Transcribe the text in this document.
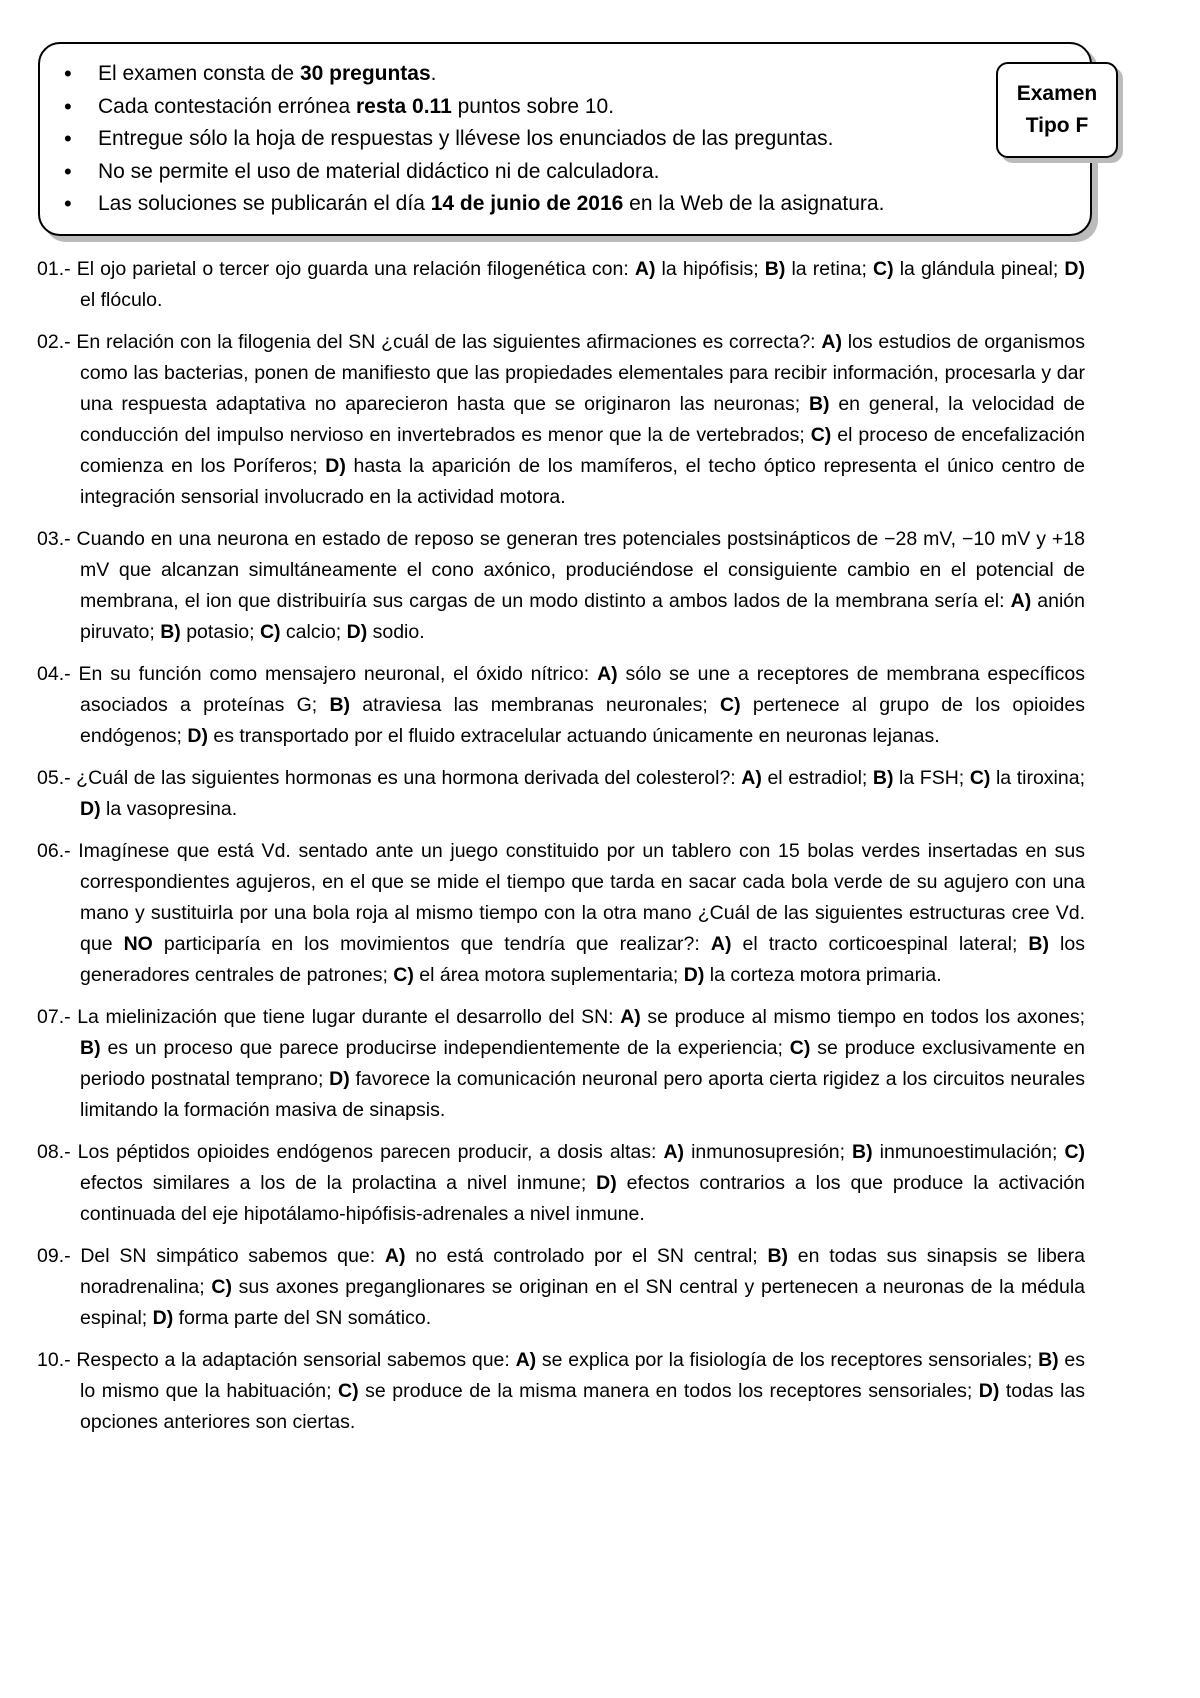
• El examen consta de 30 preguntas.
• Cada contestación errónea resta 0.11 puntos sobre 10.
• Entregue sólo la hoja de respuestas y llévese los enunciados de las preguntas.
• No se permite el uso de material didáctico ni de calculadora.
• Las soluciones se publicarán el día 14 de junio de 2016 en la Web de la asignatura.
Examen
Tipo F
01.- El ojo parietal o tercer ojo guarda una relación filogenética con: A) la hipófisis; B) la retina; C) la glándula pineal; D) el flóculo.
02.- En relación con la filogenia del SN ¿cuál de las siguientes afirmaciones es correcta?: A) los estudios de organismos como las bacterias, ponen de manifiesto que las propiedades elementales para recibir información, procesarla y dar una respuesta adaptativa no aparecieron hasta que se originaron las neuronas; B) en general, la velocidad de conducción del impulso nervioso en invertebrados es menor que la de vertebrados; C) el proceso de encefalización comienza en los Poríferos; D) hasta la aparición de los mamíferos, el techo óptico representa el único centro de integración sensorial involucrado en la actividad motora.
03.- Cuando en una neurona en estado de reposo se generan tres potenciales postsinápticos de −28 mV, −10 mV y +18 mV que alcanzan simultáneamente el cono axónico, produciéndose el consiguiente cambio en el potencial de membrana, el ion que distribuiría sus cargas de un modo distinto a ambos lados de la membrana sería el: A) anión piruvato; B) potasio; C) calcio; D) sodio.
04.- En su función como mensajero neuronal, el óxido nítrico: A) sólo se une a receptores de membrana específicos asociados a proteínas G; B) atraviesa las membranas neuronales; C) pertenece al grupo de los opioides endógenos; D) es transportado por el fluido extracelular actuando únicamente en neuronas lejanas.
05.- ¿Cuál de las siguientes hormonas es una hormona derivada del colesterol?: A) el estradiol; B) la FSH; C) la tiroxina; D) la vasopresina.
06.- Imagínese que está Vd. sentado ante un juego constituido por un tablero con 15 bolas verdes insertadas en sus correspondientes agujeros, en el que se mide el tiempo que tarda en sacar cada bola verde de su agujero con una mano y sustituirla por una bola roja al mismo tiempo con la otra mano ¿Cuál de las siguientes estructuras cree Vd. que NO participaría en los movimientos que tendría que realizar?: A) el tracto corticoespinal lateral; B) los generadores centrales de patrones; C) el área motora suplementaria; D) la corteza motora primaria.
07.- La mielinización que tiene lugar durante el desarrollo del SN: A) se produce al mismo tiempo en todos los axones; B) es un proceso que parece producirse independientemente de la experiencia; C) se produce exclusivamente en periodo postnatal temprano; D) favorece la comunicación neuronal pero aporta cierta rigidez a los circuitos neurales limitando la formación masiva de sinapsis.
08.- Los péptidos opioides endógenos parecen producir, a dosis altas: A) inmunosupresión; B) inmunoestimulación; C) efectos similares a los de la prolactina a nivel inmune; D) efectos contrarios a los que produce la activación continuada del eje hipotálamo-hipófisis-adrenales a nivel inmune.
09.- Del SN simpático sabemos que: A) no está controlado por el SN central; B) en todas sus sinapsis se libera noradrenalina; C) sus axones preganglionares se originan en el SN central y pertenecen a neuronas de la médula espinal; D) forma parte del SN somático.
10.- Respecto a la adaptación sensorial sabemos que: A) se explica por la fisiología de los receptores sensoriales; B) es lo mismo que la habituación; C) se produce de la misma manera en todos los receptores sensoriales; D) todas las opciones anteriores son ciertas.
